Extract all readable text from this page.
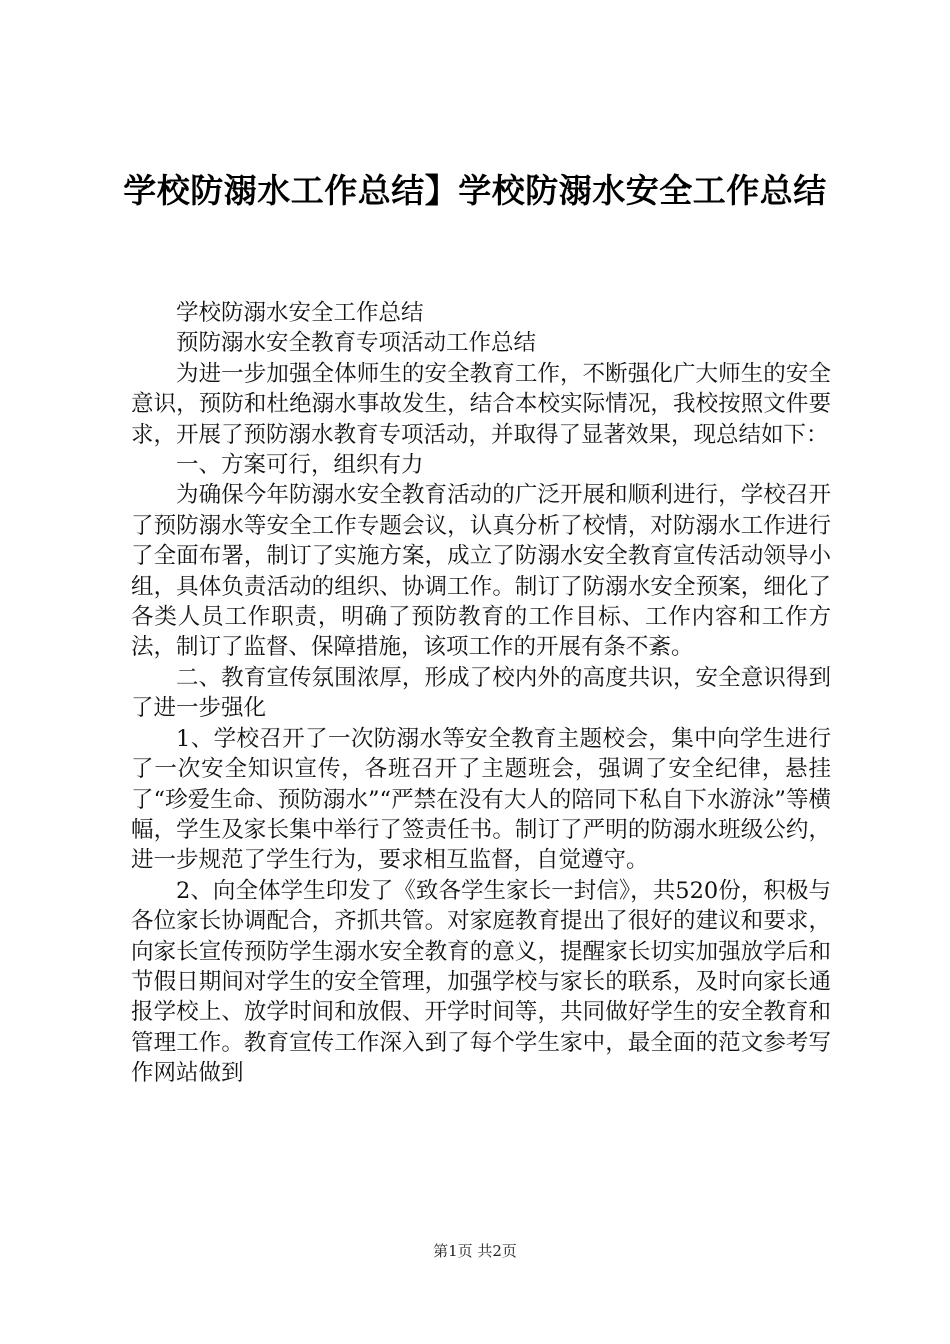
学校防溺水工作总结】学校防溺水安全工作总结

学校防溺水安全工作总结

预防溺水安全教育专项活动工作总结

为进一步加强全体师生的安全教育工作，不断强化广大师生的安全意识，预防和杜绝溺水事故发生，结合本校实际情况，我校按照文件要求，开展了预防溺水教育专项活动，并取得了显著效果，现总结如下：

一、方案可行，组织有力

为确保今年防溺水安全教育活动的广泛开展和顺利进行，学校召开了预防溺水等安全工作专题会议，认真分析了校情，对防溺水工作进行了全面布署，制订了实施方案，成立了防溺水安全教育宣传活动领导小组，具体负责活动的组织、协调工作。制订了防溺水安全预案，细化了各类人员工作职责，明确了预防教育的工作目标、工作内容和工作方法，制订了监督、保障措施，该项工作的开展有条不紊。

二、教育宣传氛围浓厚，形成了校内外的高度共识，安全意识得到了进一步强化

1、学校召开了一次防溺水等安全教育主题校会，集中向学生进行了一次安全知识宣传，各班召开了主题班会，强调了安全纪律，悬挂了“珍爱生命、预防溺水”“严禁在没有大人的陪同下私自下水游泳”等横幅，学生及家长集中举行了签责任书。制订了严明的防溺水班级公约，进一步规范了学生行为，要求相互监督，自觉遵守。

2、向全体学生印发了《致各学生家长一封信》，共520份，积极与各位家长协调配合，齐抓共管。对家庭教育提出了很好的建议和要求，向家长宣传预防学生溺水安全教育的意义，提醒家长切实加强放学后和节假日期间对学生的安全管理，加强学校与家长的联系，及时向家长通报学校上、放学时间和放假、开学时间等，共同做好学生的安全教育和管理工作。教育宣传工作深入到了每个学生家中，最全面的范文参考写作网站做到

第1页 共2页
